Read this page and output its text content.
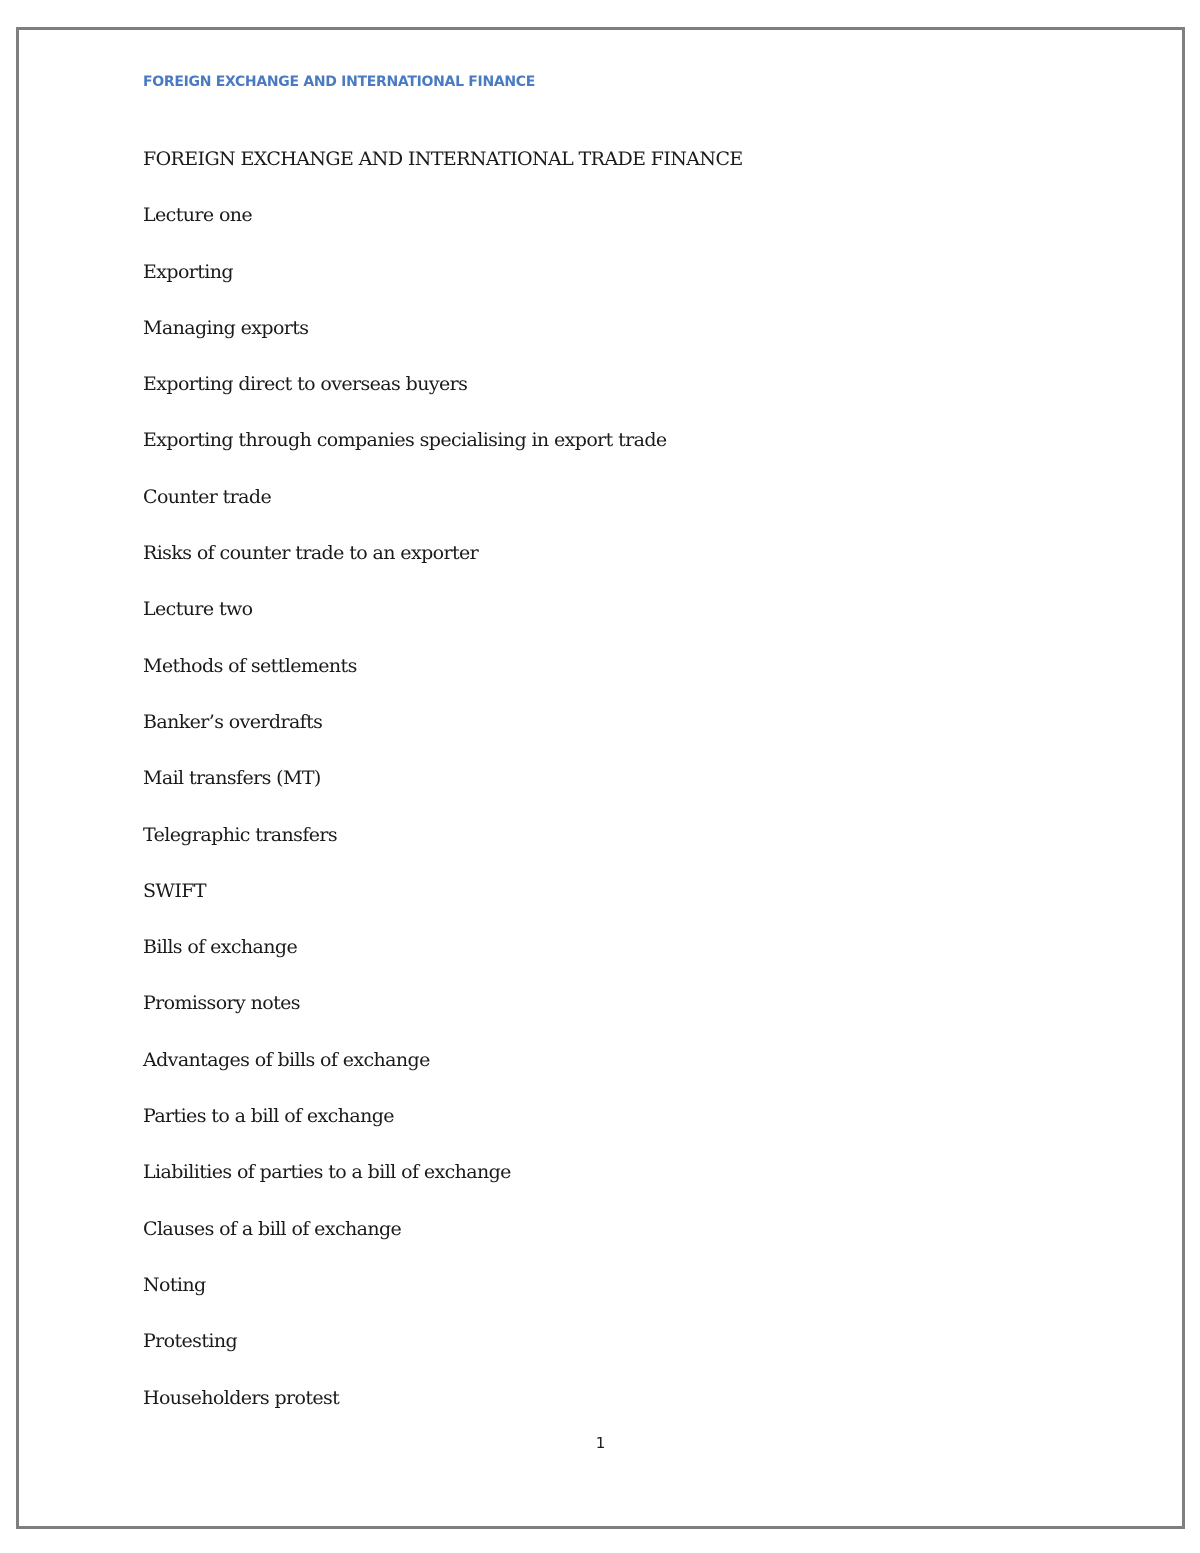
FOREIGN EXCHANGE AND INTERNATIONAL FINANCE
FOREIGN EXCHANGE AND INTERNATIONAL TRADE FINANCE
Lecture one
Exporting
Managing exports
Exporting direct to overseas buyers
Exporting through companies specialising in export trade
Counter trade
Risks of counter trade to an exporter
Lecture two
Methods of settlements
Banker’s overdrafts
Mail transfers (MT)
Telegraphic transfers
SWIFT
Bills of exchange
Promissory notes
Advantages of bills of exchange
Parties to a bill of exchange
Liabilities of parties to a bill of exchange
Clauses of a bill of exchange
Noting
Protesting
Householders protest
1
